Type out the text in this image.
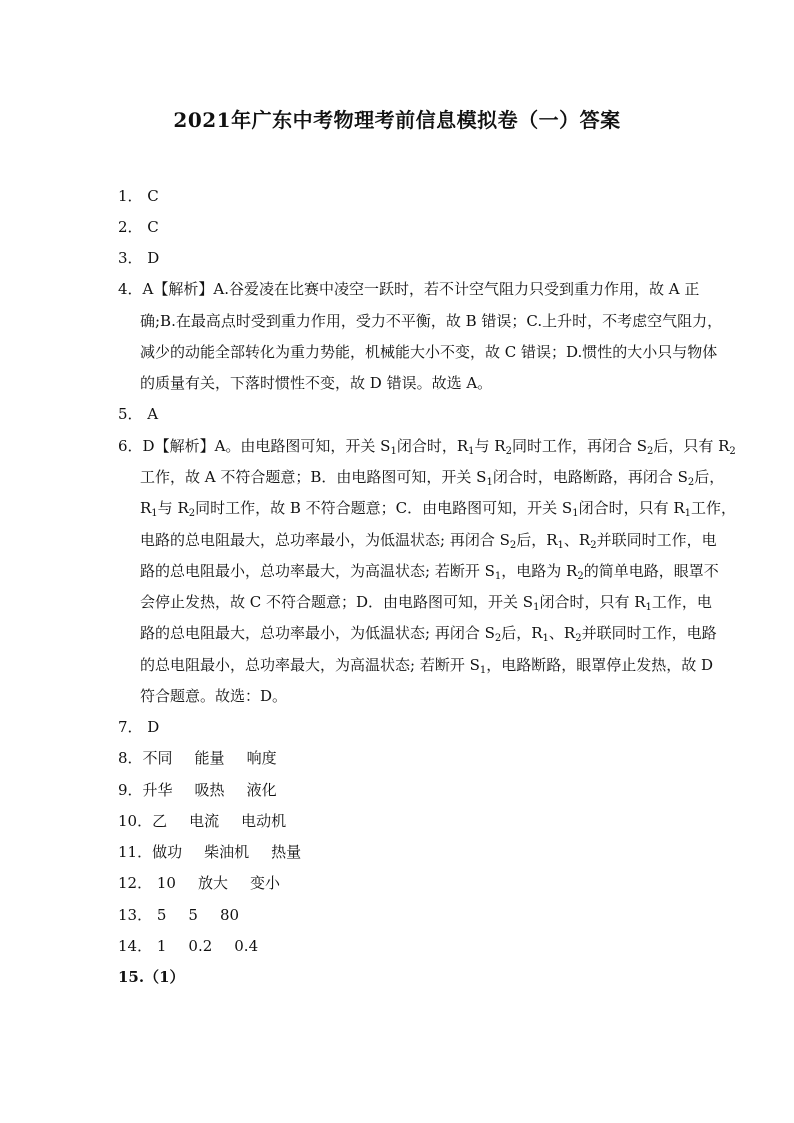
2021年广东中考物理考前信息模拟卷（一）答案
1． C
2． C
3． D
4．A【解析】A.谷爱凌在比赛中凌空一跃时，若不计空气阻力只受到重力作用，故 A 正
确;B.在最高点时受到重力作用，受力不平衡，故 B 错误；C.上升时，不考虑空气阻力，
减少的动能全部转化为重力势能，机械能大小不变，故 C 错误；D.惯性的大小只与物体
的质量有关，下落时惯性不变，故 D 错误。故选 A。
5． A
6．D【解析】A。由电路图可知，开关 $S_1$闭合时，$R_1$与 $R_2$同时工作，再闭合 $S_2$后，只有 $R_2$
工作，故 A 不符合题意；B．由电路图可知，开关 $S_1$闭合时，电路断路，再闭合 $S_2$后，
$R_1$与 $R_2$同时工作，故 B 不符合题意；C．由电路图可知，开关 $S_1$闭合时，只有 $R_1$工作，
电路的总电阻最大，总功率最小，为低温状态; 再闭合 $S_2$后，$R_1$、$R_2$并联同时工作，电
路的总电阻最小，总功率最大，为高温状态; 若断开 $S_1$，电路为 $R_2$的简单电路，眼罩不
会停止发热，故 C 不符合题意；D．由电路图可知，开关 $S_1$闭合时，只有 $R_1$工作，电
路的总电阻最大，总功率最小，为低温状态; 再闭合 $S_2$后，$R_1$、$R_2$并联同时工作，电路
的总电阻最小，总功率最大，为高温状态; 若断开 $S_1$，电路断路，眼罩停止发热，故 D
符合题意。故选：D。
7． D
8．不同 能量 响度
9．升华 吸热 液化
10．乙 电流 电动机
11．做功 柴油机 热量
12． 10 放大 变小
13． 5 5 80
14． 1 0.2 0.4
15.（1）
